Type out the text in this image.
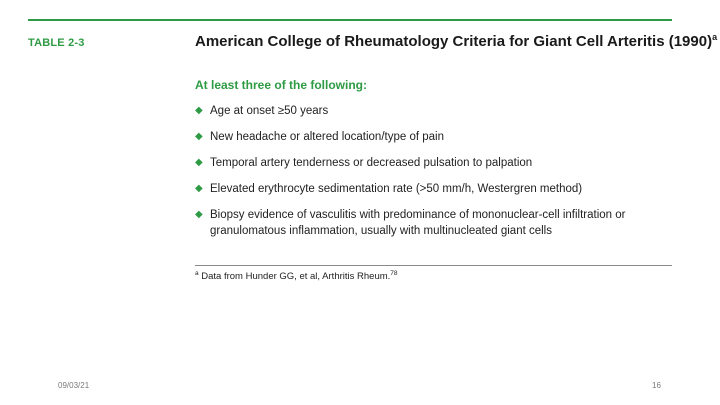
TABLE 2-3	American College of Rheumatology Criteria for Giant Cell Arteritis $(1990)^a$
At least three of the following:
◆ Age at onset ≥50 years
◆ New headache or altered location/type of pain
◆ Temporal artery tenderness or decreased pulsation to palpation
◆ Elevated erythrocyte sedimentation rate (>50 mm/h, Westergren method)
◆ Biopsy evidence of vasculitis with predominance of mononuclear-cell infiltration or granulomatous inflammation, usually with multinucleated giant cells
$^a$ Data from Hunder GG, et al, Arthritis Rheum.$^{78}$
09/03/21	16
